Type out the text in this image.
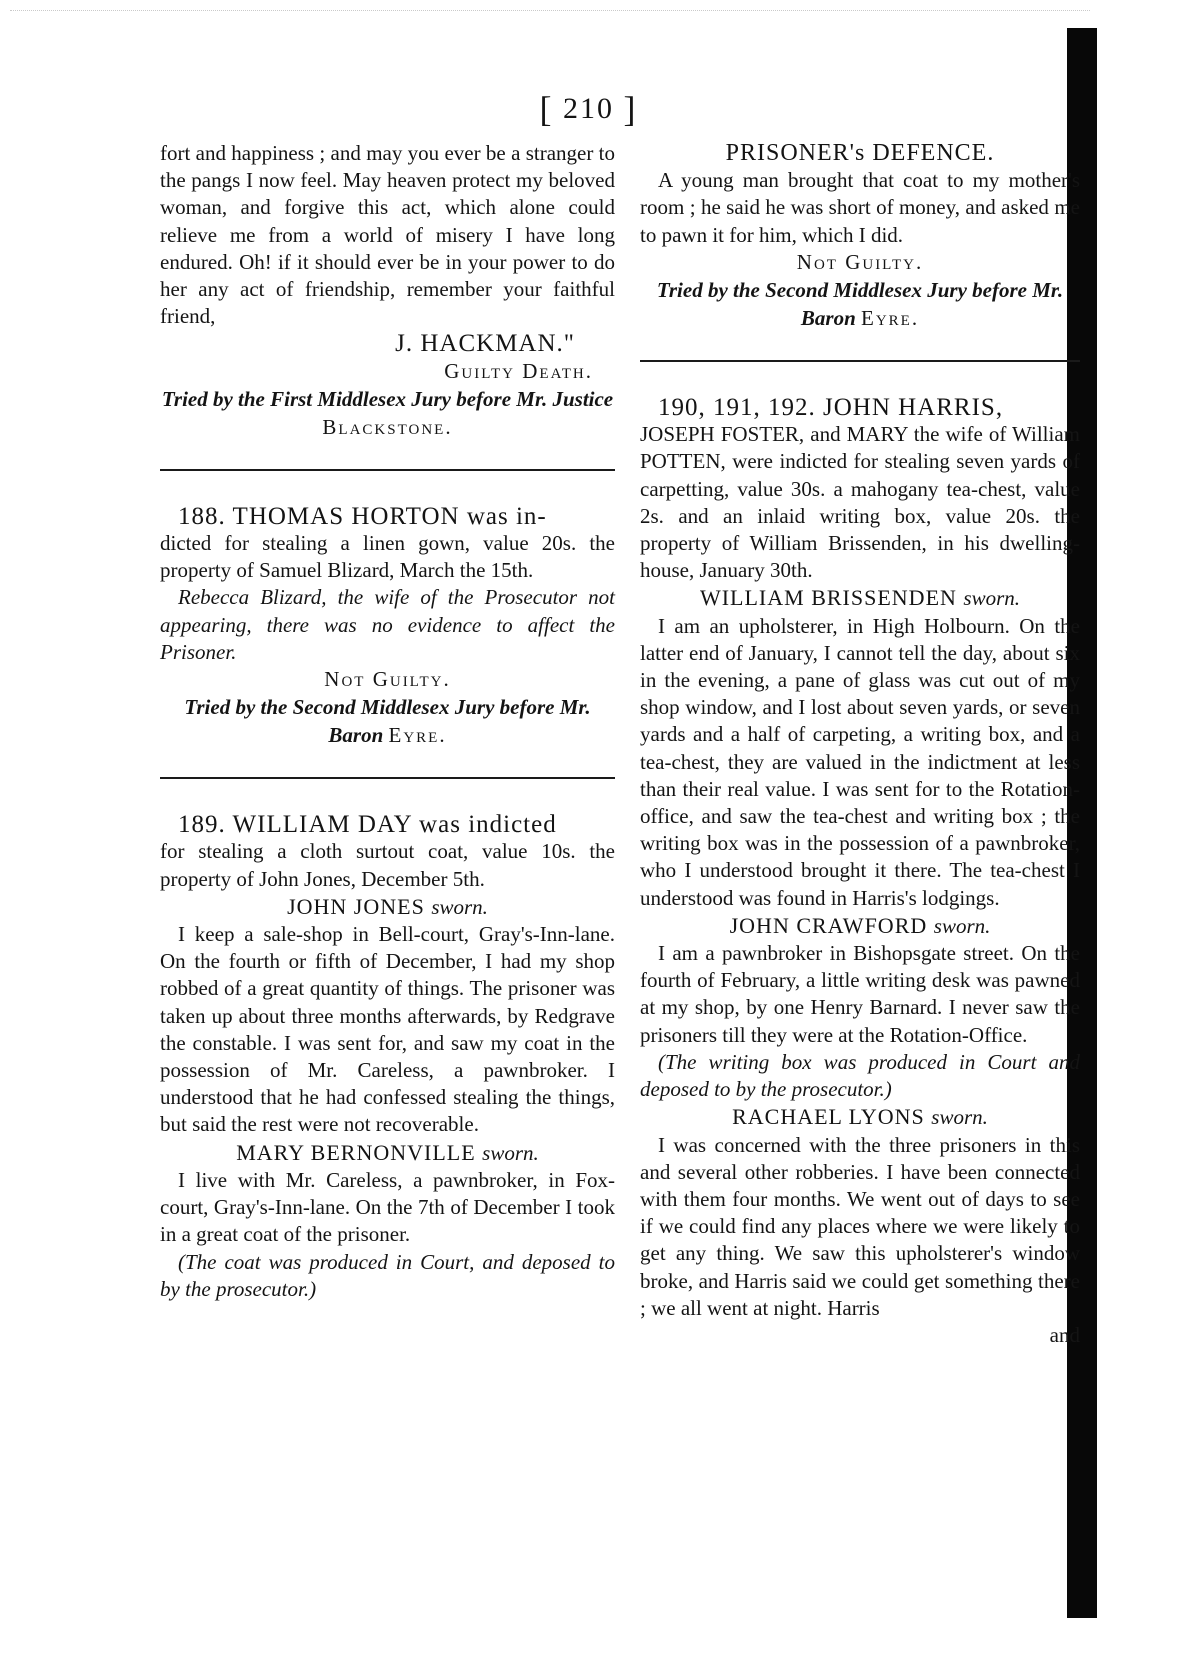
[ 210 ]

fort and happiness ; and may you ever be a stranger to the pangs I now feel. May heaven protect my beloved woman, and forgive this act, which alone could relieve me from a world of misery I have long endured. Oh! if it should ever be in your power to do her any act of friendship, remember your faithful friend,

J. HACKMAN."

Guilty Death.

Tried by the First Middlesex Jury before Mr. Justice Blackstone.

188. THOMAS HORTON was in-

dicted for stealing a linen gown, value 20s. the property of Samuel Blizard, March the 15th.

Rebecca Blizard, the wife of the Prosecutor not appearing, there was no evidence to affect the Prisoner.

Not Guilty.

Tried by the Second Middlesex Jury before Mr. Baron Eyre.

189. WILLIAM DAY was indicted

for stealing a cloth surtout coat, value 10s. the property of John Jones, December 5th.

JOHN JONES sworn.

I keep a sale-shop in Bell-court, Gray's-Inn-lane. On the fourth or fifth of December, I had my shop robbed of a great quantity of things. The prisoner was taken up about three months afterwards, by Redgrave the constable. I was sent for, and saw my coat in the possession of Mr. Careless, a pawnbroker. I understood that he had confessed stealing the things, but said the rest were not recoverable.

MARY BERNONVILLE sworn.

I live with Mr. Careless, a pawnbroker, in Fox-court, Gray's-Inn-lane. On the 7th of December I took in a great coat of the prisoner.

(The coat was produced in Court, and deposed to by the prosecutor.)

PRISONER's DEFENCE.

A young man brought that coat to my mother's room ; he said he was short of money, and asked me to pawn it for him, which I did.

Not Guilty.

Tried by the Second Middlesex Jury before Mr. Baron Eyre.

190, 191, 192. JOHN HARRIS,

JOSEPH FOSTER, and MARY the wife of William POTTEN, were indicted for stealing seven yards of carpetting, value 30s. a mahogany tea-chest, value 2s. and an inlaid writing box, value 20s. the property of William Brissenden, in his dwelling-house, January 30th.

WILLIAM BRISSENDEN sworn.

I am an upholsterer, in High Holbourn. On the latter end of January, I cannot tell the day, about six in the evening, a pane of glass was cut out of my shop window, and I lost about seven yards, or seven yards and a half of carpeting, a writing box, and a tea-chest, they are valued in the indictment at less than their real value. I was sent for to the Rotation-office, and saw the tea-chest and writing box ; the writing box was in the possession of a pawnbroker, who I understood brought it there. The tea-chest I understood was found in Harris's lodgings.

JOHN CRAWFORD sworn.

I am a pawnbroker in Bishopsgate street. On the fourth of February, a little writing desk was pawned at my shop, by one Henry Barnard. I never saw the prisoners till they were at the Rotation-Office.

(The writing box was produced in Court and deposed to by the prosecutor.)

RACHAEL LYONS sworn.

I was concerned with the three prisoners in this and several other robberies. I have been connected with them four months. We went out of days to see if we could find any places where we were likely to get any thing. We saw this upholsterer's window broke, and Harris said we could get something there ; we all went at night. Harris

and
